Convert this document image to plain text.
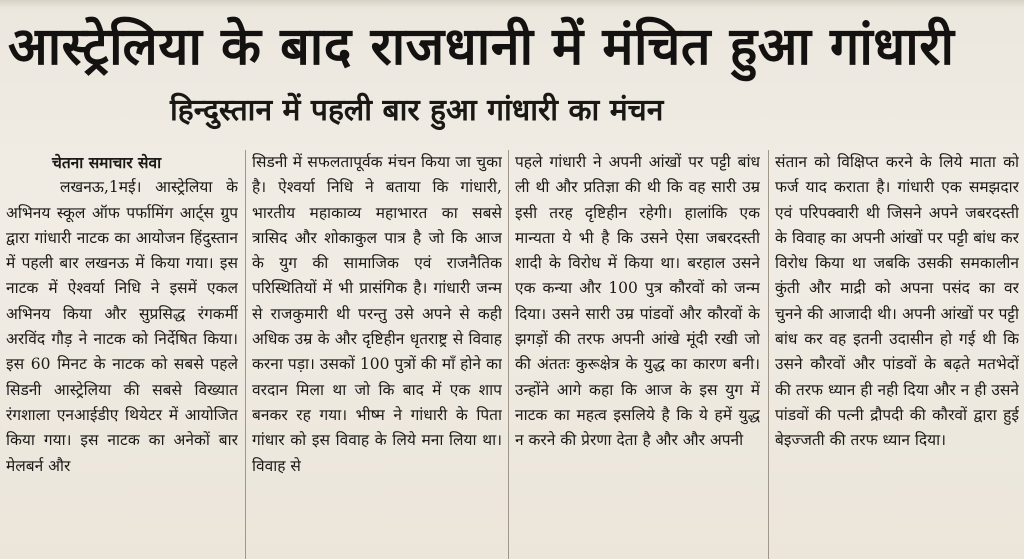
आस्ट्रेलिया के बाद राजधानी में मंचित हुआ गांधारी
हिन्दुस्तान में पहली बार हुआ गांधारी का मंचन
चेतना समाचार सेवा

लखनऊ,1मई। आस्ट्रेलिया के अभिनय स्कूल ऑफ पर्फामिंग आर्ट्स ग्रुप द्वारा गांधारी नाटक का आयोजन हिंदुस्तान में पहली बार लखनऊ में किया गया। इस नाटक में ऐश्वर्या निधि ने इसमें एकल अभिनय किया और सुप्रसिद्ध रंगकर्मी अरविंद गौड़ ने नाटक को निर्देषित किया। इस 60 मिनट के नाटक को सबसे पहले सिडनी आस्ट्रेलिया की सबसे विख्यात रंगशाला एनआईडीए थियेटर में आयोजित किया गया। इस नाटक का अनेकों बार मेलबर्न और

सिडनी में सफलतापूर्वक मंचन किया जा चुका है। ऐश्वर्या निधि ने बताया कि गांधारी, भारतीय महाकाव्य महाभारत का सबसे त्रासिद और शोकाकुल पात्र है जो कि आज के युग की सामाजिक एवं राजनैतिक परिस्थितियों में भी प्रासंगिक है। गांधारी जन्म से राजकुमारी थी परन्तु उसे अपने से कही अधिक उम्र के और दृष्टिहीन धृतराष्ट्र से विवाह करना पड़ा। उसकों 100 पुत्रों की माँ होने का वरदान मिला था जो कि बाद में एक शाप बनकर रह गया। भीष्म ने गांधारी के पिता गांधार को इस विवाह के लिये मना लिया था। विवाह से

पहले गांधारी ने अपनी आंखों पर पट्टी बांध ली थी और प्रतिज्ञा की थी कि वह सारी उम्र इसी तरह दृष्टिहीन रहेगी। हालांकि एक मान्यता ये भी है कि उसने ऐसा जबरदस्ती शादी के विरोध में किया था। बरहाल उसने एक कन्या और 100 पुत्र कौरवों को जन्म दिया। उसने सारी उम्र पांडवों और कौरवों के झगड़ों की तरफ अपनी आंखे मूंदी रखी जो की अंततः कुरूक्षेत्र के युद्ध का कारण बनी। उन्होंने आगे कहा कि आज के इस युग में नाटक का महत्व इसलिये है कि ये हमें युद्ध न करने की प्रेरणा देता है और और अपनी

संतान को विक्षिप्त करने के लिये माता को फर्ज याद कराता है। गांधारी एक समझदार एवं परिपक्वारी थी जिसने अपने जबरदस्ती के विवाह का अपनी आंखों पर पट्टी बांध कर विरोध किया था जबकि उसकी समकालीन कुंती और माद्री को अपना पसंद का वर चुनने की आजादी थी। अपनी आंखों पर पट्टी बांध कर वह इतनी उदासीन हो गई थी कि उसने कौरवों और पांडवों के बढ़ते मतभेदों की तरफ ध्यान ही नही दिया और न ही उसने पांडवों की पत्नी द्रौपदी की कौरवों द्वारा हुई बेइज्जती की तरफ ध्यान दिया।
